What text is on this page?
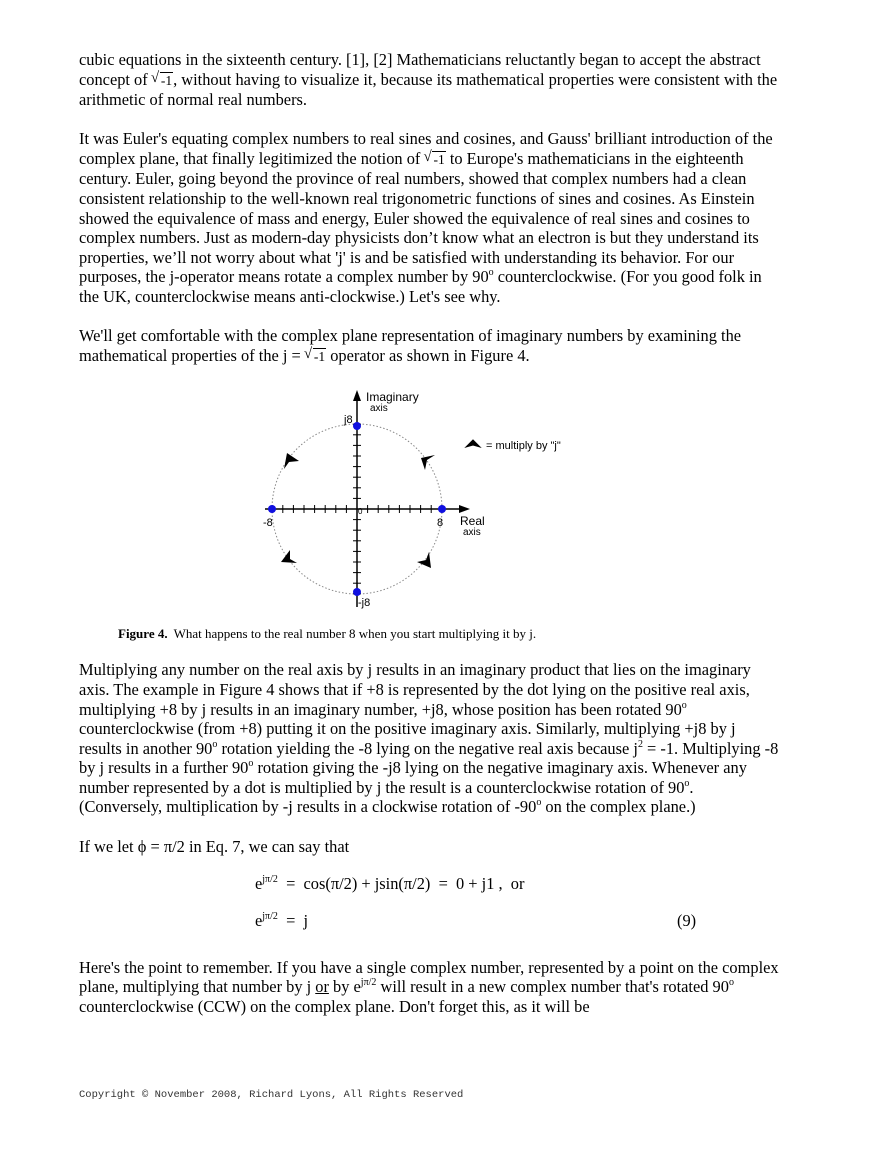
cubic equations in the sixteenth century. [1], [2] Mathematicians reluctantly began to accept the abstract concept of √ -1, without having to visualize it, because its mathematical properties were consistent with the arithmetic of normal real numbers.

It was Euler's equating complex numbers to real sines and cosines, and Gauss' brilliant introduction of the complex plane, that finally legitimized the notion of √ -1 to Europe's mathematicians in the eighteenth century. Euler, going beyond the province of real numbers, showed that complex numbers had a clean consistent relationship to the well-known real trigonometric functions of sines and cosines. As Einstein showed the equivalence of mass and energy, Euler showed the equivalence of real sines and cosines to complex numbers. Just as modern-day physicists don’t know what an electron is but they understand its properties, we’ll not worry about what 'j' is and be satisfied with understanding its behavior. For our purposes, the j-operator means rotate a complex number by 90$^o$ counterclockwise. (For you good folk in the UK, counterclockwise means anti-clockwise.) Let's see why.

We'll get comfortable with the complex plane representation of imaginary numbers by examining the mathematical properties of the j = √ -1 operator as shown in Figure 4.

Imaginary
axis
j8
-j8
-8	8
0
Real
axis
= multiply by "j"

Figure 4. What happens to the real number 8 when you start multiplying it by j.

Multiplying any number on the real axis by j results in an imaginary product that lies on the imaginary axis. The example in Figure 4 shows that if +8 is represented by the dot lying on the positive real axis, multiplying +8 by j results in an imaginary number, +j8, whose position has been rotated 90$^o$ counterclockwise (from +8) putting it on the positive imaginary axis. Similarly, multiplying +j8 by j results in another 90$^o$ rotation yielding the -8 lying on the negative real axis because $j^2 = -1$. Multiplying -8 by j results in a further 90$^o$ rotation giving the -j8 lying on the negative imaginary axis. Whenever any number represented by a dot is multiplied by j the result is a counterclockwise rotation of 90$^o$. (Conversely, multiplication by -j results in a clockwise rotation of -90$^o$ on the complex plane.)

If we let ϕ = π/2 in Eq. 7, we can say that

$e^{j\pi/2} = \cos(\pi/2) + jsin(\pi/2) = 0 + j1$ ,  or
$e^{j\pi/2} = j$	(9)

Here's the point to remember. If you have a single complex number, represented by a point on the complex plane, multiplying that number by j or by $e^{j\pi/2}$ will result in a new complex number that's rotated 90$^o$ counterclockwise (CCW) on the complex plane. Don't forget this, as it will be

Copyright © November 2008, Richard Lyons, All Rights Reserved
